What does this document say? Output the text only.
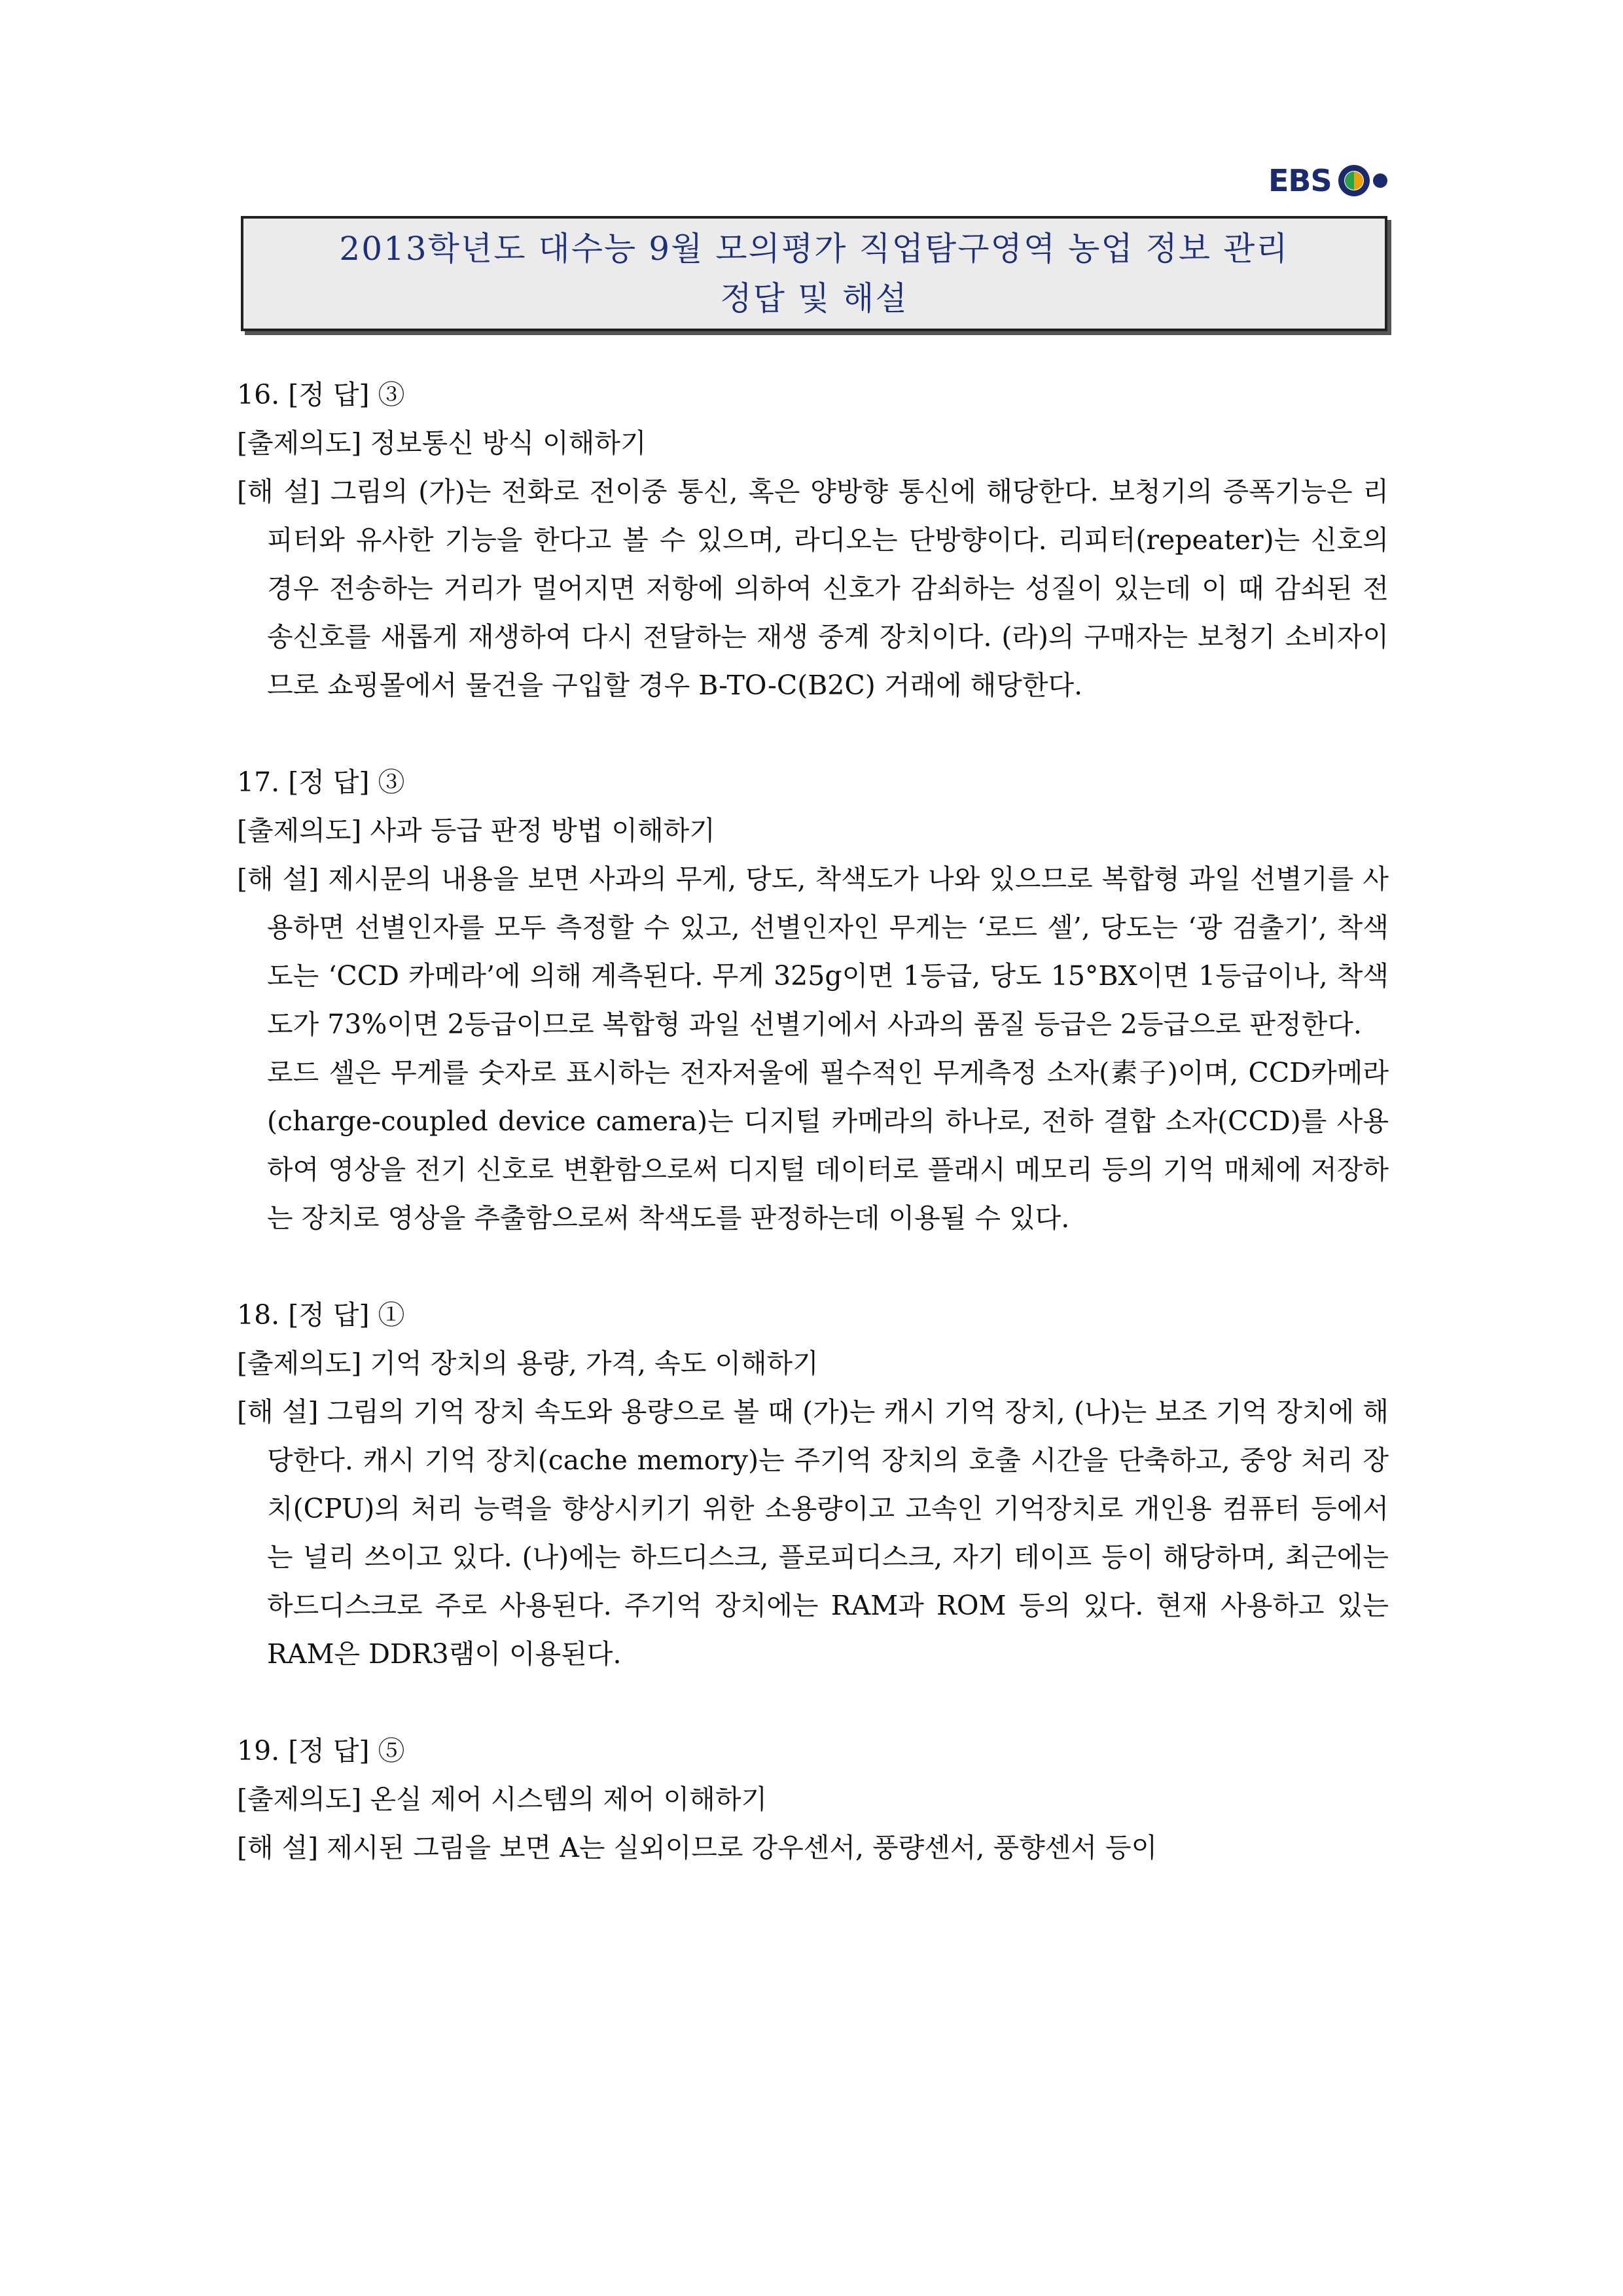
EBS
2013학년도 대수능 9월 모의평가 직업탐구영역 농업 정보 관리
정답 및 해설
16. [정 답] ③
[출제의도] 정보통신 방식 이해하기
[해 설] 그림의 (가)는 전화로 전이중 통신, 혹은 양방향 통신에 해당한다. 보청기의 증폭기능은 리피터와 유사한 기능을 한다고 볼 수 있으며, 라디오는 단방향이다. 리피터(repeater)는 신호의 경우 전송하는 거리가 멀어지면 저항에 의하여 신호가 감쇠하는 성질이 있는데 이 때 감쇠된 전송신호를 새롭게 재생하여 다시 전달하는 재생 중계 장치이다. (라)의 구매자는 보청기 소비자이므로 쇼핑몰에서 물건을 구입할 경우 B-TO-C(B2C) 거래에 해당한다.
17. [정 답] ③
[출제의도] 사과 등급 판정 방법 이해하기
[해 설] 제시문의 내용을 보면 사과의 무게, 당도, 착색도가 나와 있으므로 복합형 과일 선별기를 사용하면 선별인자를 모두 측정할 수 있고, 선별인자인 무게는 ‘로드 셀’, 당도는 ‘광 검출기’, 착색도는 ‘CCD 카메라’에 의해 계측된다. 무게 325g이면 1등급, 당도 15°BX이면 1등급이나, 착색도가 73%이면 2등급이므로 복합형 과일 선별기에서 사과의 품질 등급은 2등급으로 판정한다.
로드 셀은 무게를 숫자로 표시하는 전자저울에 필수적인 무게측정 소자(素子)이며, CCD카메라(charge-coupled device camera)는 디지털 카메라의 하나로, 전하 결합 소자(CCD)를 사용하여 영상을 전기 신호로 변환함으로써 디지털 데이터로 플래시 메모리 등의 기억 매체에 저장하는 장치로 영상을 추출함으로써 착색도를 판정하는데 이용될 수 있다.
18. [정 답] ①
[출제의도] 기억 장치의 용량, 가격, 속도 이해하기
[해 설] 그림의 기억 장치 속도와 용량으로 볼 때 (가)는 캐시 기억 장치, (나)는 보조 기억 장치에 해당한다. 캐시 기억 장치(cache memory)는 주기억 장치의 호출 시간을 단축하고, 중앙 처리 장치(CPU)의 처리 능력을 향상시키기 위한 소용량이고 고속인 기억장치로 개인용 컴퓨터 등에서는 널리 쓰이고 있다. (나)에는 하드디스크, 플로피디스크, 자기 테이프 등이 해당하며, 최근에는 하드디스크로 주로 사용된다. 주기억 장치에는 RAM과 ROM 등의 있다. 현재 사용하고 있는 RAM은 DDR3램이 이용된다.
19. [정 답] ⑤
[출제의도] 온실 제어 시스템의 제어 이해하기
[해 설] 제시된 그림을 보면 A는 실외이므로 강우센서, 풍량센서, 풍향센서 등이
